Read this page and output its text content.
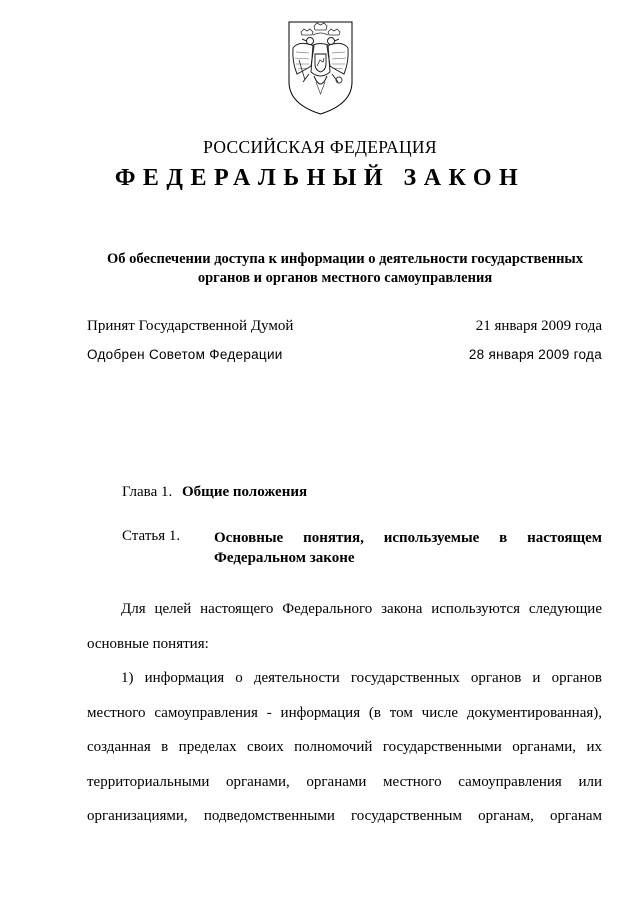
РОССИЙСКАЯ ФЕДЕРАЦИЯ
ФЕДЕРАЛЬНЫЙ ЗАКОН
Об обеспечении доступа к информации о деятельности государственных
органов и органов местного самоуправления
Принят Государственной Думой	21 января 2009 года
Одобрен Советом Федерации	28 января 2009 года
Глава 1. Общие положения
Статья 1. Основные понятия, используемые в настоящем
Федеральном законе
Для целей настоящего Федерального закона используются следующие
основные понятия:
1) информация о деятельности государственных органов и органов
местного самоуправления - информация (в том числе документированная),
созданная в пределах своих полномочий государственными органами, их
территориальными органами, органами местного самоуправления или
организациями, подведомственными государственным органам, органам
